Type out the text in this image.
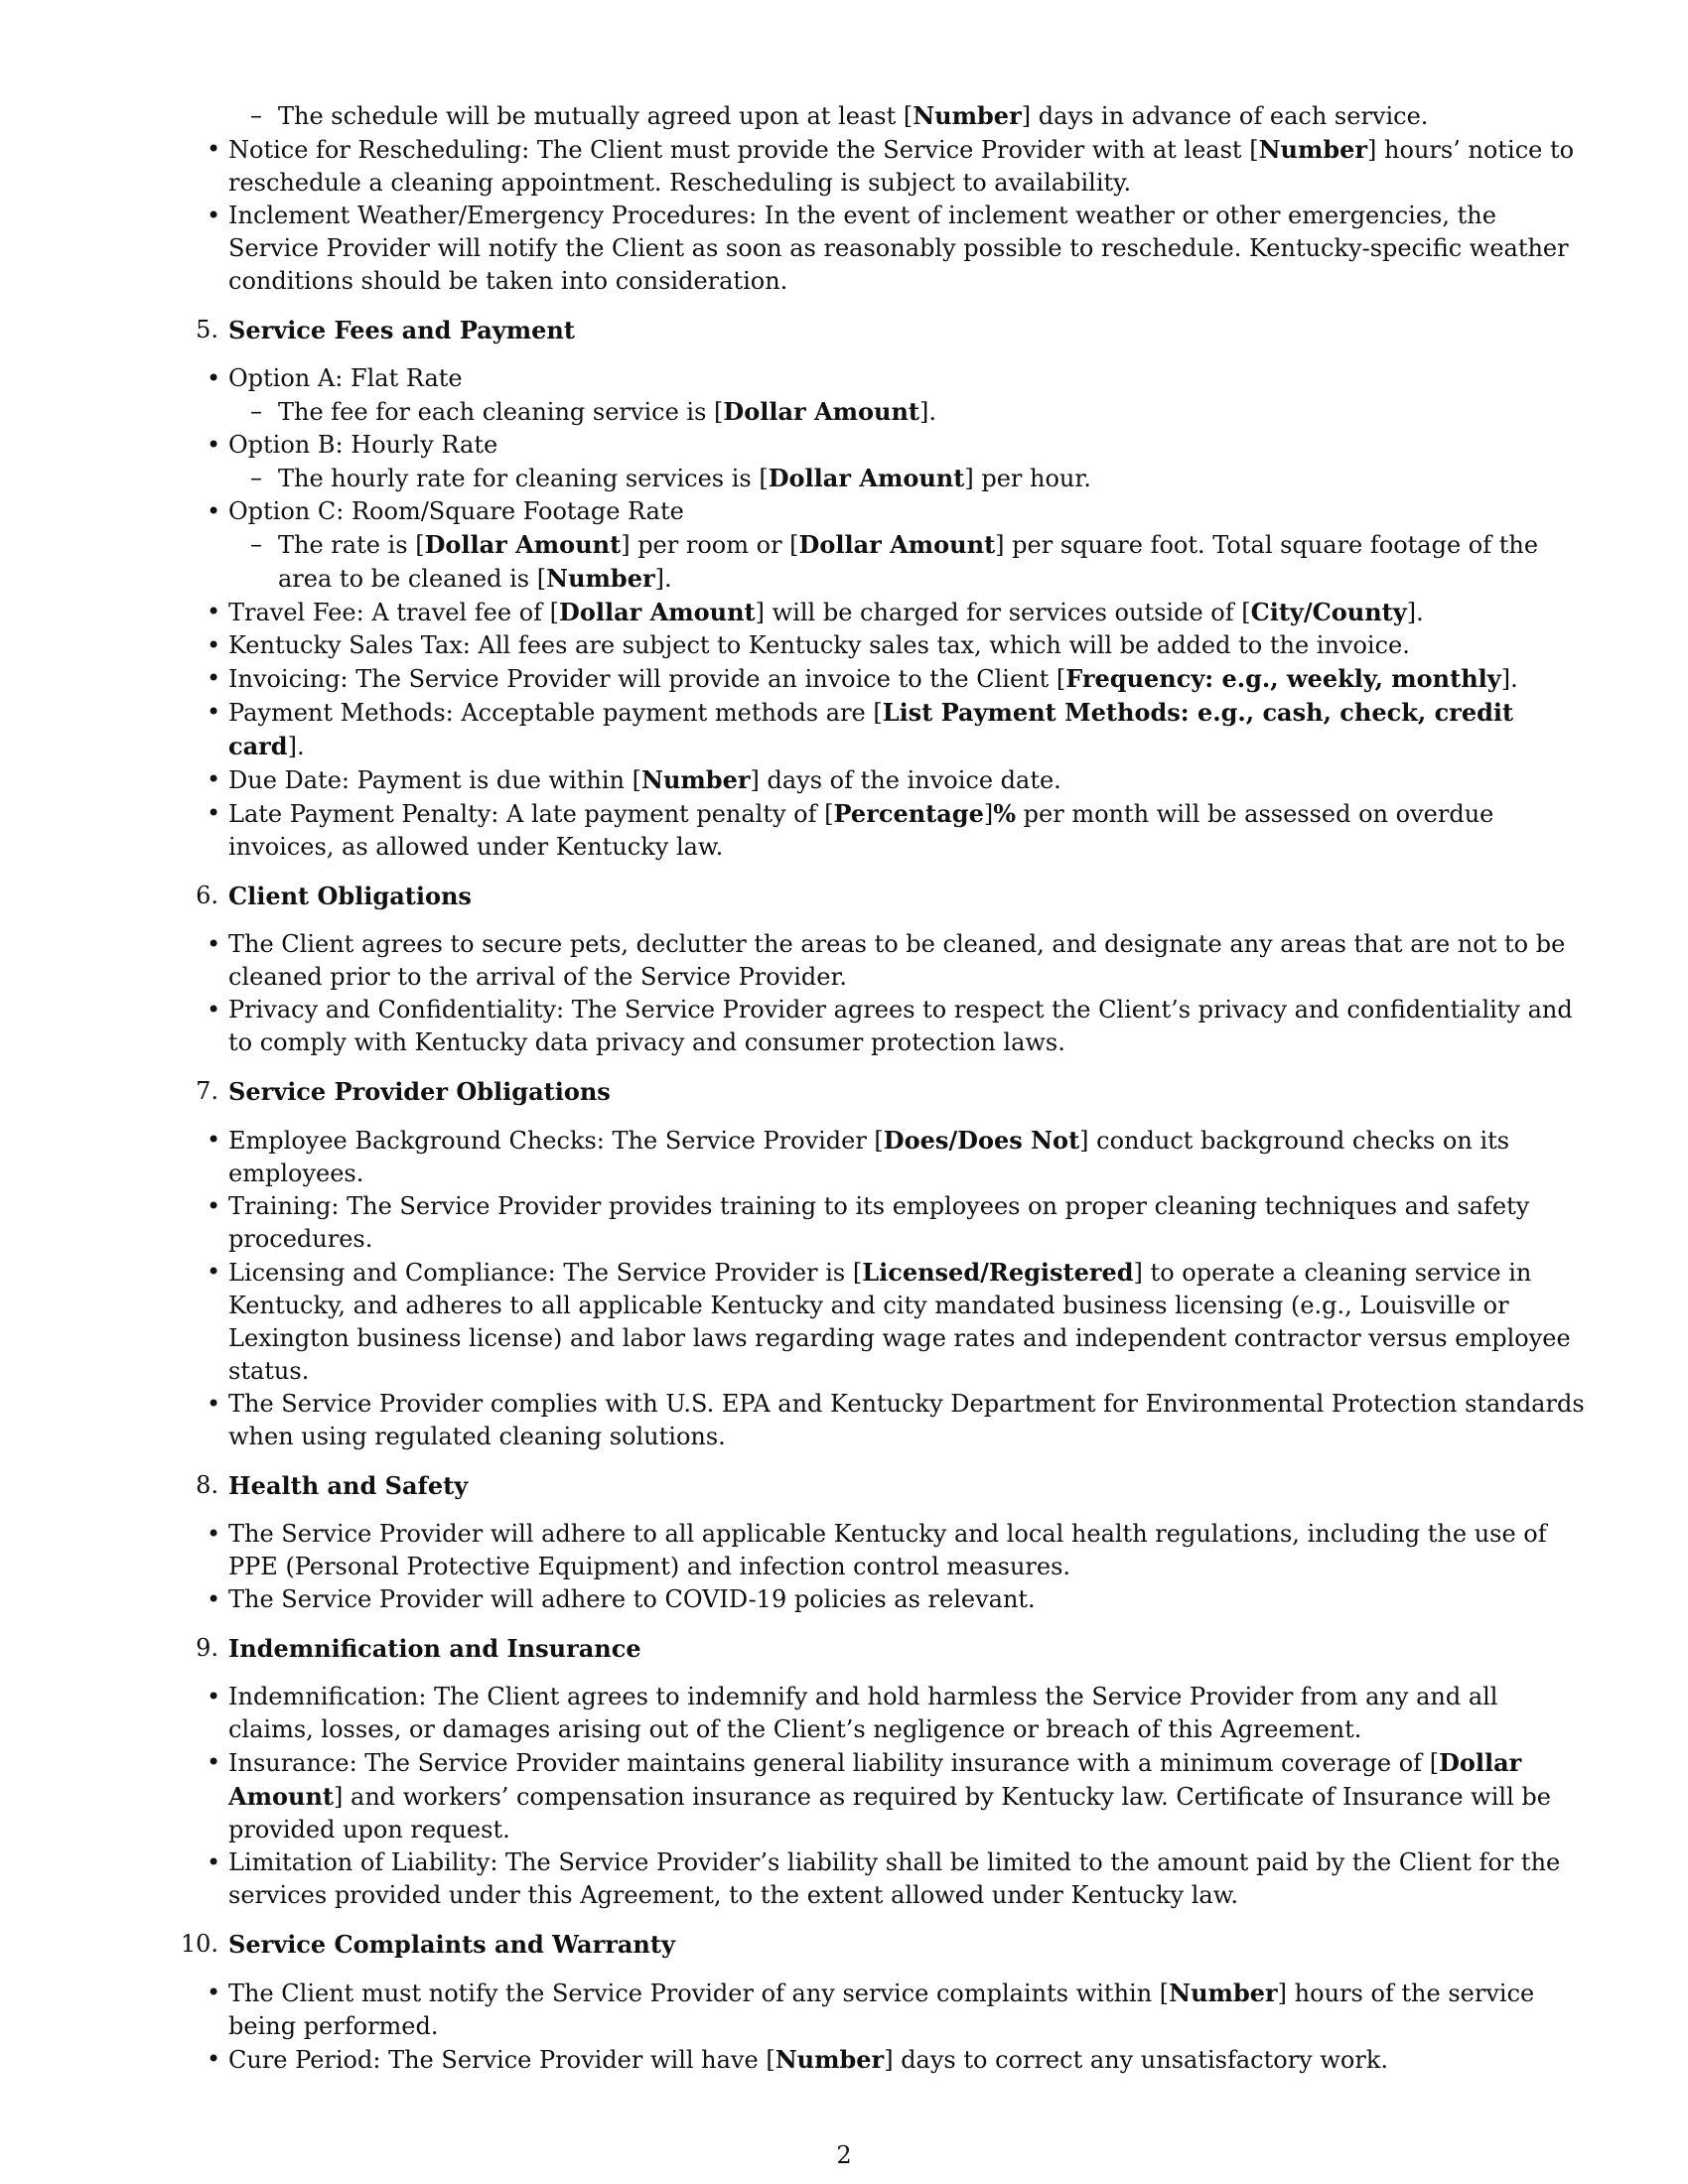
– The schedule will be mutually agreed upon at least [Number] days in advance of each service.
• Notice for Rescheduling: The Client must provide the Service Provider with at least [Number] hours’ notice to reschedule a cleaning appointment. Rescheduling is subject to availability.
• Inclement Weather/Emergency Procedures: In the event of inclement weather or other emergencies, the Service Provider will notify the Client as soon as reasonably possible to reschedule. Kentucky-specific weather conditions should be taken into consideration.
5. Service Fees and Payment
• Option A: Flat Rate
– The fee for each cleaning service is [Dollar Amount].
• Option B: Hourly Rate
– The hourly rate for cleaning services is [Dollar Amount] per hour.
• Option C: Room/Square Footage Rate
– The rate is [Dollar Amount] per room or [Dollar Amount] per square foot. Total square footage of the area to be cleaned is [Number].
• Travel Fee: A travel fee of [Dollar Amount] will be charged for services outside of [City/County].
• Kentucky Sales Tax: All fees are subject to Kentucky sales tax, which will be added to the invoice.
• Invoicing: The Service Provider will provide an invoice to the Client [Frequency: e.g., weekly, monthly].
• Payment Methods: Acceptable payment methods are [List Payment Methods: e.g., cash, check, credit card].
• Due Date: Payment is due within [Number] days of the invoice date.
• Late Payment Penalty: A late payment penalty of [Percentage]% per month will be assessed on overdue invoices, as allowed under Kentucky law.
6. Client Obligations
• The Client agrees to secure pets, declutter the areas to be cleaned, and designate any areas that are not to be cleaned prior to the arrival of the Service Provider.
• Privacy and Confidentiality: The Service Provider agrees to respect the Client’s privacy and confidentiality and to comply with Kentucky data privacy and consumer protection laws.
7. Service Provider Obligations
• Employee Background Checks: The Service Provider [Does/Does Not] conduct background checks on its employees.
• Training: The Service Provider provides training to its employees on proper cleaning techniques and safety procedures.
• Licensing and Compliance: The Service Provider is [Licensed/Registered] to operate a cleaning service in Kentucky, and adheres to all applicable Kentucky and city mandated business licensing (e.g., Louisville or Lexington business license) and labor laws regarding wage rates and independent contractor versus employee status.
• The Service Provider complies with U.S. EPA and Kentucky Department for Environmental Protection standards when using regulated cleaning solutions.
8. Health and Safety
• The Service Provider will adhere to all applicable Kentucky and local health regulations, including the use of PPE (Personal Protective Equipment) and infection control measures.
• The Service Provider will adhere to COVID-19 policies as relevant.
9. Indemnification and Insurance
• Indemnification: The Client agrees to indemnify and hold harmless the Service Provider from any and all claims, losses, or damages arising out of the Client’s negligence or breach of this Agreement.
• Insurance: The Service Provider maintains general liability insurance with a minimum coverage of [Dollar Amount] and workers’ compensation insurance as required by Kentucky law. Certificate of Insurance will be provided upon request.
• Limitation of Liability: The Service Provider’s liability shall be limited to the amount paid by the Client for the services provided under this Agreement, to the extent allowed under Kentucky law.
10. Service Complaints and Warranty
• The Client must notify the Service Provider of any service complaints within [Number] hours of the service being performed.
• Cure Period: The Service Provider will have [Number] days to correct any unsatisfactory work.
2
